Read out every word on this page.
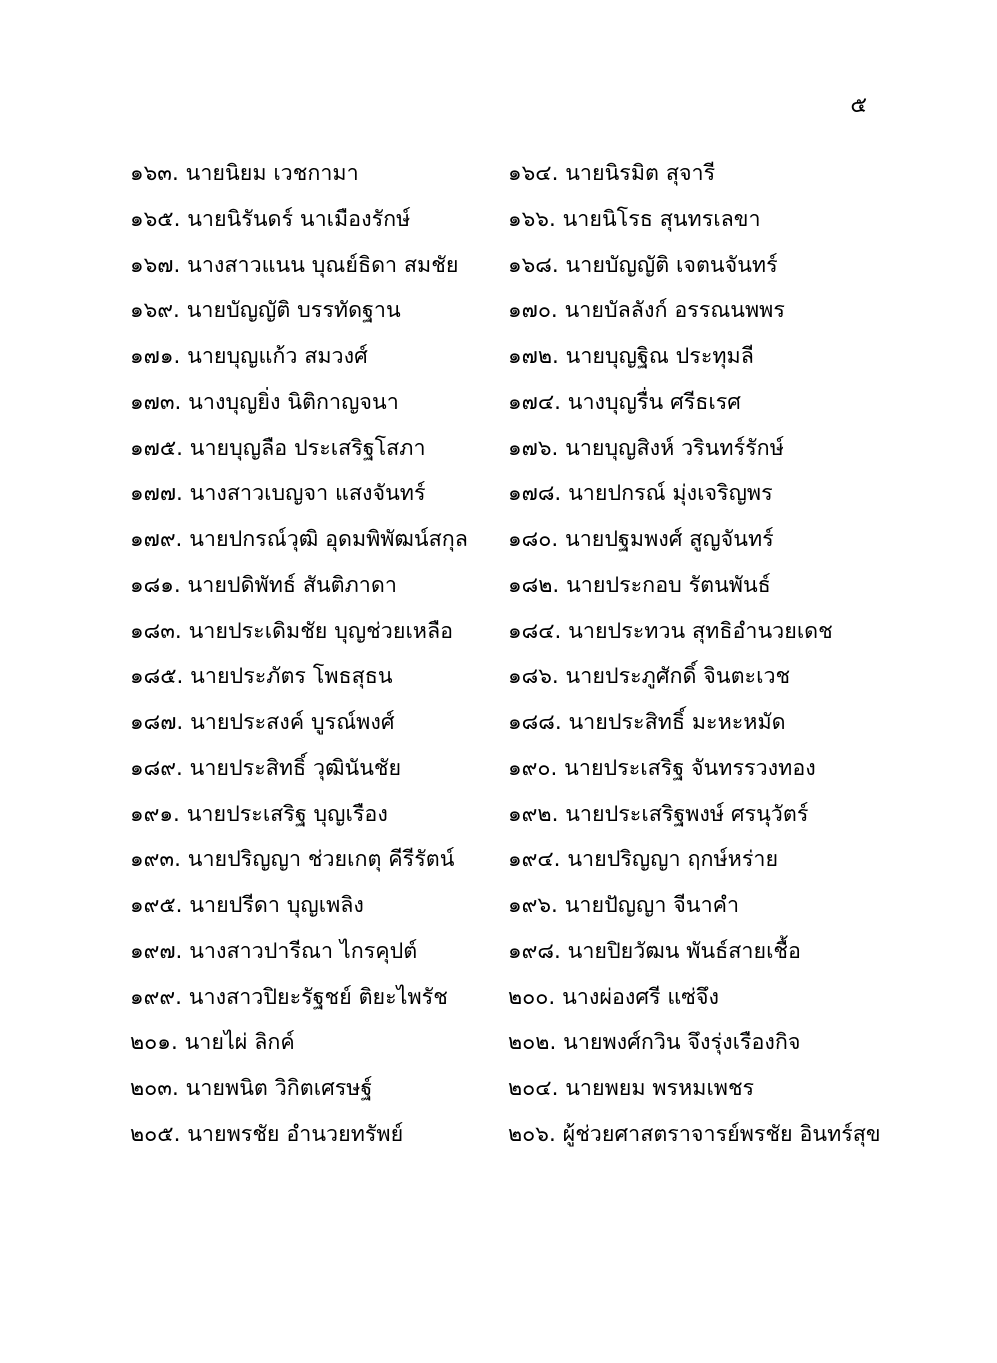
๕
๑๖๓. นายนิยม เวชกามา	๑๖๔. นายนิรมิต สุจารี
๑๖๕. นายนิรันดร์ นาเมืองรักษ์	๑๖๖. นายนิโรธ สุนทรเลขา
๑๖๗. นางสาวแนน บุณย์ธิดา สมชัย	๑๖๘. นายบัญญัติ เจตนจันทร์
๑๖๙. นายบัญญัติ บรรทัดฐาน	๑๗๐. นายบัลลังก์ อรรณนพพร
๑๗๑. นายบุญแก้ว สมวงศ์	๑๗๒. นายบุญฐิณ ประทุมลี
๑๗๓. นางบุญยิ่ง นิติกาญจนา	๑๗๔. นางบุญรื่น ศรีธเรศ
๑๗๕. นายบุญลือ ประเสริฐโสภา	๑๗๖. นายบุญสิงห์ วรินทร์รักษ์
๑๗๗. นางสาวเบญจา แสงจันทร์	๑๗๘. นายปกรณ์ มุ่งเจริญพร
๑๗๙. นายปกรณ์วุฒิ อุดมพิพัฒน์สกุล	๑๘๐. นายปฐมพงศ์ สูญจันทร์
๑๘๑. นายปดิพัทธ์ สันติภาดา	๑๘๒. นายประกอบ รัตนพันธ์
๑๘๓. นายประเดิมชัย บุญช่วยเหลือ	๑๘๔. นายประทวน สุทธิอำนวยเดช
๑๘๕. นายประภัตร โพธสุธน	๑๘๖. นายประภูศักดิ์ จินตะเวช
๑๘๗. นายประสงค์ บูรณ์พงศ์	๑๘๘. นายประสิทธิ์ มะหะหมัด
๑๘๙. นายประสิทธิ์ วุฒินันชัย	๑๙๐. นายประเสริฐ จันทรรวงทอง
๑๙๑. นายประเสริฐ บุญเรือง	๑๙๒. นายประเสริฐพงษ์ ศรนุวัตร์
๑๙๓. นายปริญญา ช่วยเกตุ คีรีรัตน์	๑๙๔. นายปริญญา ฤกษ์หร่าย
๑๙๕. นายปรีดา บุญเพลิง	๑๙๖. นายปัญญา จีนาคำ
๑๙๗. นางสาวปารีณา ไกรคุปต์	๑๙๘. นายปิยวัฒน พันธ์สายเชื้อ
๑๙๙. นางสาวปิยะรัฐชย์ ติยะไพรัช	๒๐๐. นางผ่องศรี แซ่จึง
๒๐๑. นายไผ่ ลิกค์	๒๐๒. นายพงศ์กวิน จึงรุ่งเรืองกิจ
๒๐๓. นายพนิต วิกิตเศรษฐ์	๒๐๔. นายพยม พรหมเพชร
๒๐๕. นายพรชัย อำนวยทรัพย์	๒๐๖. ผู้ช่วยศาสตราจารย์พรชัย อินทร์สุข
